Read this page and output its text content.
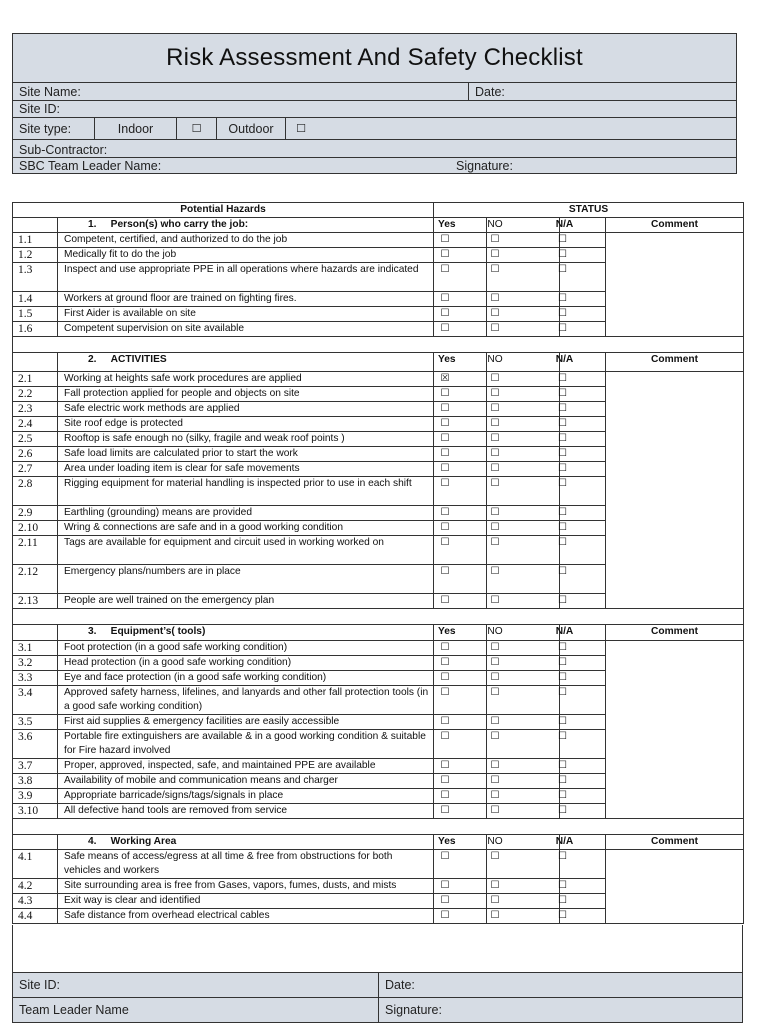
Risk Assessment And Safety Checklist
Site Name:	Date:
Site ID:

Site type:	Indoor	☐	Outdoor	☐

Sub-Contractor:

SBC Team Leader Name:	Signature:
Potential Hazards		STATUS			
	1.     Person(s) who carry the job:	Yes	NO	N/A	Comment
1.1	Competent, certified, and authorized to do the job	☐	☐	☐	
1.2	Medically fit to do the job	☐	☐	☐	
1.3	Inspect and use appropriate PPE in all operations where hazards are indicated	☐	☐	☐	
1.4	Workers at ground floor are trained on fighting fires.	☐	☐	☐	
1.5	First Aider is available on site	☐	☐	☐	
1.6	Competent supervision on site available	☐	☐	☐	

	2.     ACTIVITIES	Yes	NO	N/A	Comment
2.1	Working at heights safe work procedures are applied	☒	☐	☐	
2.2	Fall protection applied for people and objects on site	☐	☐	☐	
2.3	Safe electric work methods are applied	☐	☐	☐	
2.4	Site roof edge is protected	☐	☐	☐	
2.5	Rooftop is safe enough no (silky, fragile and weak roof points )	☐	☐	☐	
2.6	Safe load limits are calculated prior to start the work	☐	☐	☐	
2.7	Area under loading item is clear for safe movements	☐	☐	☐	
2.8	Rigging equipment for material handling is inspected prior to use in each shift	☐	☐	☐	
2.9	Earthling (grounding) means are provided	☐	☐	☐	
2.10	Wring & connections are safe and in a good working condition	☐	☐	☐	
2.11	Tags are available for equipment and circuit used in working worked on	☐	☐	☐	
2.12	Emergency plans/numbers are in place	☐	☐	☐	
2.13	People are well trained on the emergency plan	☐	☐	☐	

	3.     Equipment’s( tools)	Yes	NO	N/A	Comment
3.1	Foot protection (in a good safe working condition)	☐	☐	☐	
3.2	Head protection (in a good safe working condition)	☐	☐	☐	
3.3	Eye and face protection (in a good safe working condition)	☐	☐	☐	
3.4	Approved safety harness, lifelines, and lanyards and other fall protection tools (in a good safe working condition)	☐	☐	☐	
3.5	First aid supplies & emergency facilities are easily accessible	☐	☐	☐	
3.6	Portable fire extinguishers are available & in a good working condition & suitable for Fire hazard involved	☐	☐	☐	
3.7	Proper, approved, inspected, safe, and maintained PPE are available	☐	☐	☐	
3.8	Availability of mobile and communication means and charger	☐	☐	☐	
3.9	Appropriate barricade/signs/tags/signals in place	☐	☐	☐	
3.10	All defective hand tools are removed from service	☐	☐	☐	

	4.     Working Area	Yes	NO	N/A	Comment
4.1	Safe means of access/egress at all time & free from obstructions for both vehicles and workers	☐	☐	☐	
4.2	Site surrounding area is free from Gases, vapors, fumes, dusts, and mists	☐	☐	☐	
4.3	Exit way is clear and identified	☐	☐	☐	
4.4	Safe distance from overhead electrical cables	☐	☐	☐	
Site ID:	Date:
Team Leader Name	Signature:
